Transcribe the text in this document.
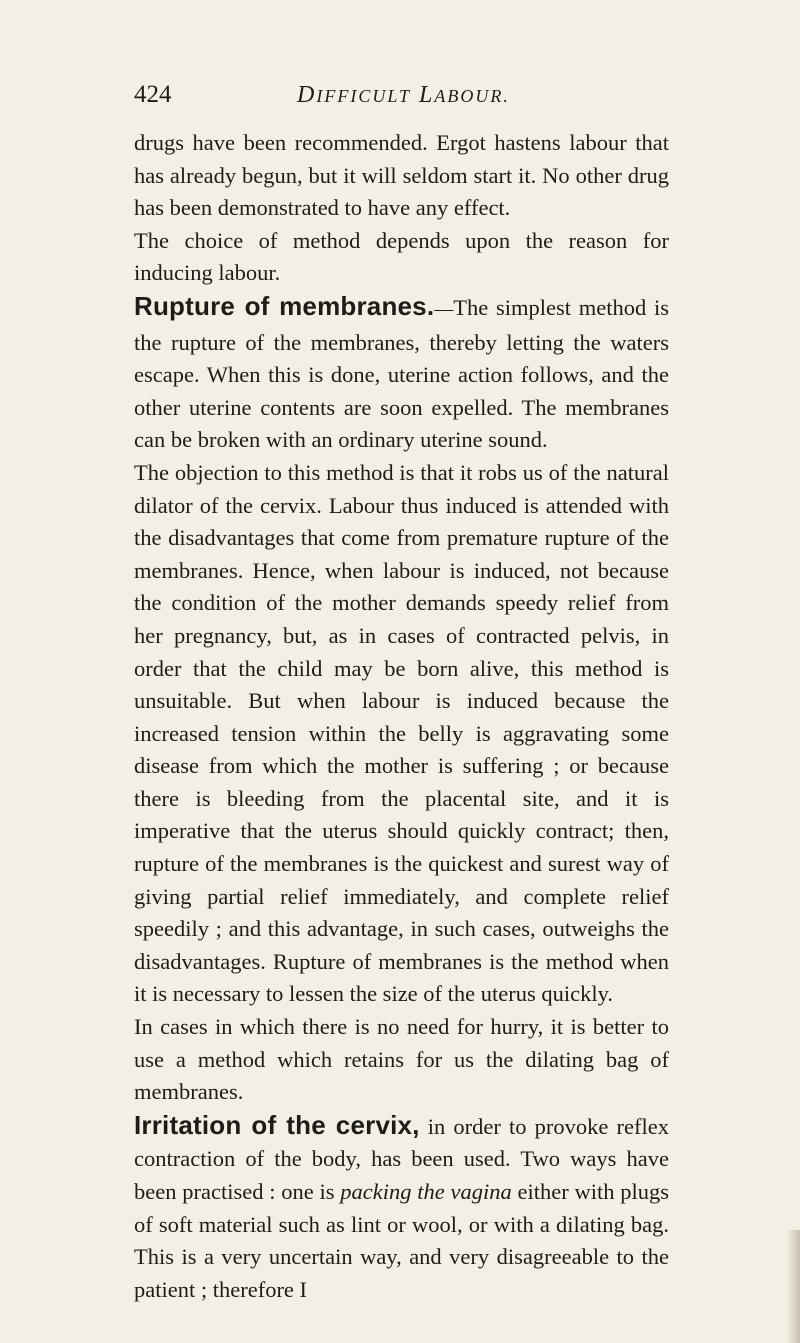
424	DIFFICULT LABOUR.

drugs have been recommended. Ergot hastens labour that has already begun, but it will seldom start it. No other drug has been demonstrated to have any effect.

The choice of method depends upon the reason for inducing labour.

Rupture of membranes.—The simplest method is the rupture of the membranes, thereby letting the waters escape. When this is done, uterine action follows, and the other uterine contents are soon expelled. The membranes can be broken with an ordinary uterine sound.

The objection to this method is that it robs us of the natural dilator of the cervix. Labour thus induced is attended with the disadvantages that come from premature rupture of the membranes. Hence, when labour is induced, not because the condition of the mother demands speedy relief from her pregnancy, but, as in cases of contracted pelvis, in order that the child may be born alive, this method is unsuitable. But when labour is induced because the increased tension within the belly is aggravating some disease from which the mother is suffering ; or because there is bleeding from the placental site, and it is imperative that the uterus should quickly contract; then, rupture of the membranes is the quickest and surest way of giving partial relief immediately, and complete relief speedily ; and this advantage, in such cases, outweighs the disadvantages. Rupture of membranes is the method when it is necessary to lessen the size of the uterus quickly.

In cases in which there is no need for hurry, it is better to use a method which retains for us the dilating bag of membranes.

Irritation of the cervix, in order to provoke reflex contraction of the body, has been used. Two ways have been practised : one is packing the vagina either with plugs of soft material such as lint or wool, or with a dilating bag. This is a very uncertain way, and very disagreeable to the patient ; therefore I
